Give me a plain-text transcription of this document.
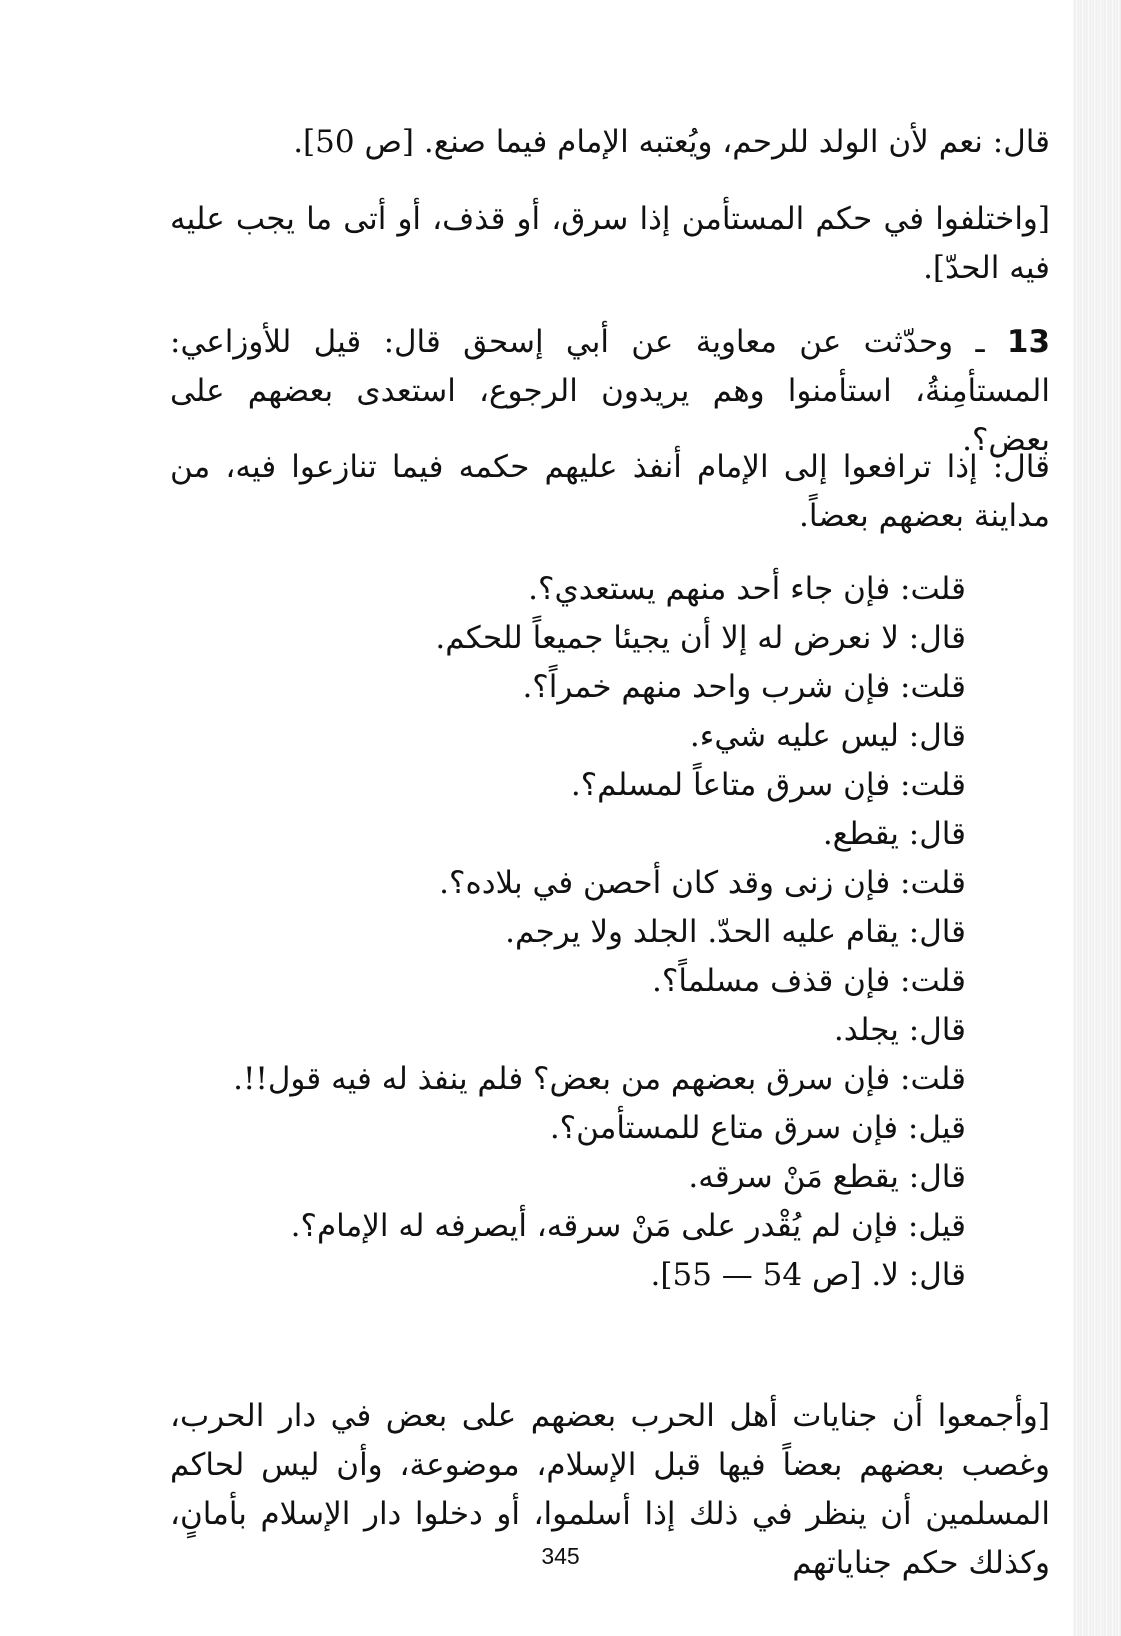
قال: نعم لأن الولد للرحم، ويُعتبه الإمام فيما صنع. [ص 50].
[واختلفوا في حكم المستأمن إذا سرق، أو قذف، أو أتى ما يجب عليه فيه الحدّ].
13 ـ وحدّثت عن معاوية عن أبي إسحق قال: قيل للأوزاعي: المستأمِنةُ، استأمنوا وهم يريدون الرجوع، استعدى بعضهم على بعض؟.
قال: إذا ترافعوا إلى الإمام أنفذ عليهم حكمه فيما تنازعوا فيه، من مداينة بعضهم بعضاً.
قلت: فإن جاء أحد منهم يستعدي؟.
قال: لا نعرض له إلا أن يجيئا جميعاً للحكم.
قلت: فإن شرب واحد منهم خمراً؟.
قال: ليس عليه شيء.
قلت: فإن سرق متاعاً لمسلم؟.
قال: يقطع.
قلت: فإن زنى وقد كان أحصن في بلاده؟.
قال: يقام عليه الحدّ. الجلد ولا يرجم.
قلت: فإن قذف مسلماً؟.
قال: يجلد.
قلت: فإن سرق بعضهم من بعض؟ فلم ينفذ له فيه قول!!.
قيل: فإن سرق متاع للمستأمن؟.
قال: يقطع مَنْ سرقه.
قيل: فإن لم يُقْدر على مَنْ سرقه، أيصرفه له الإمام؟.
قال: لا. [ص 54 — 55].
[وأجمعوا أن جنايات أهل الحرب بعضهم على بعض في دار الحرب، وغصب بعضهم بعضاً فيها قبل الإسلام، موضوعة، وأن ليس لحاكم المسلمين أن ينظر في ذلك إذا أسلموا، أو دخلوا دار الإسلام بأمانٍ، وكذلك حكم جناياتهم
345
